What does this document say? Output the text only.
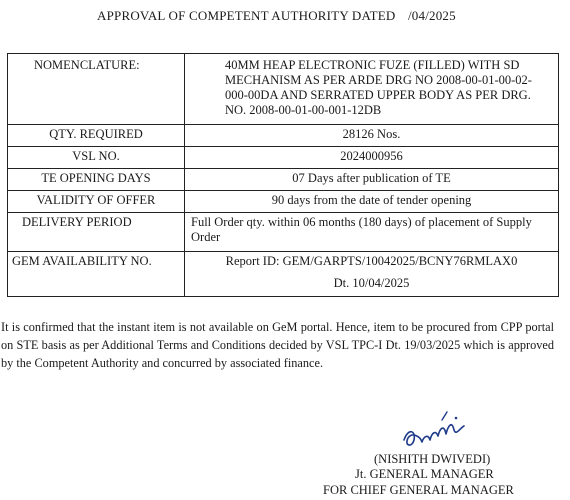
APPROVAL OF COMPETENT AUTHORITY DATED /04/2025
NOMENCLATURE:	40MM HEAP ELECTRONIC FUZE (FILLED) WITH SD MECHANISM AS PER ARDE DRG NO 2008-00-01-00-02-000-00DA AND SERRATED UPPER BODY AS PER DRG. NO. 2008-00-01-00-001-12DB
QTY. REQUIRED	28126 Nos.
VSL NO.	2024000956
TE OPENING DAYS	07 Days after publication of TE
VALIDITY OF OFFER	90 days from the date of tender opening
DELIVERY PERIOD	Full Order qty. within 06 months (180 days) of placement of Supply Order
GEM AVAILABILITY NO.	Report ID: GEM/GARPTS/10042025/BCNY76RMLAX0
Dt. 10/04/2025
It is confirmed that the instant item is not available on GeM portal. Hence, item to be procured from CPP portal on STE basis as per Additional Terms and Conditions decided by VSL TPC-I Dt. 19/03/2025 which is approved by the Competent Authority and concurred by associated finance.
(NISHITH DWIVEDI)
Jt. GENERAL MANAGER
FOR CHIEF GENERAL MANAGER
